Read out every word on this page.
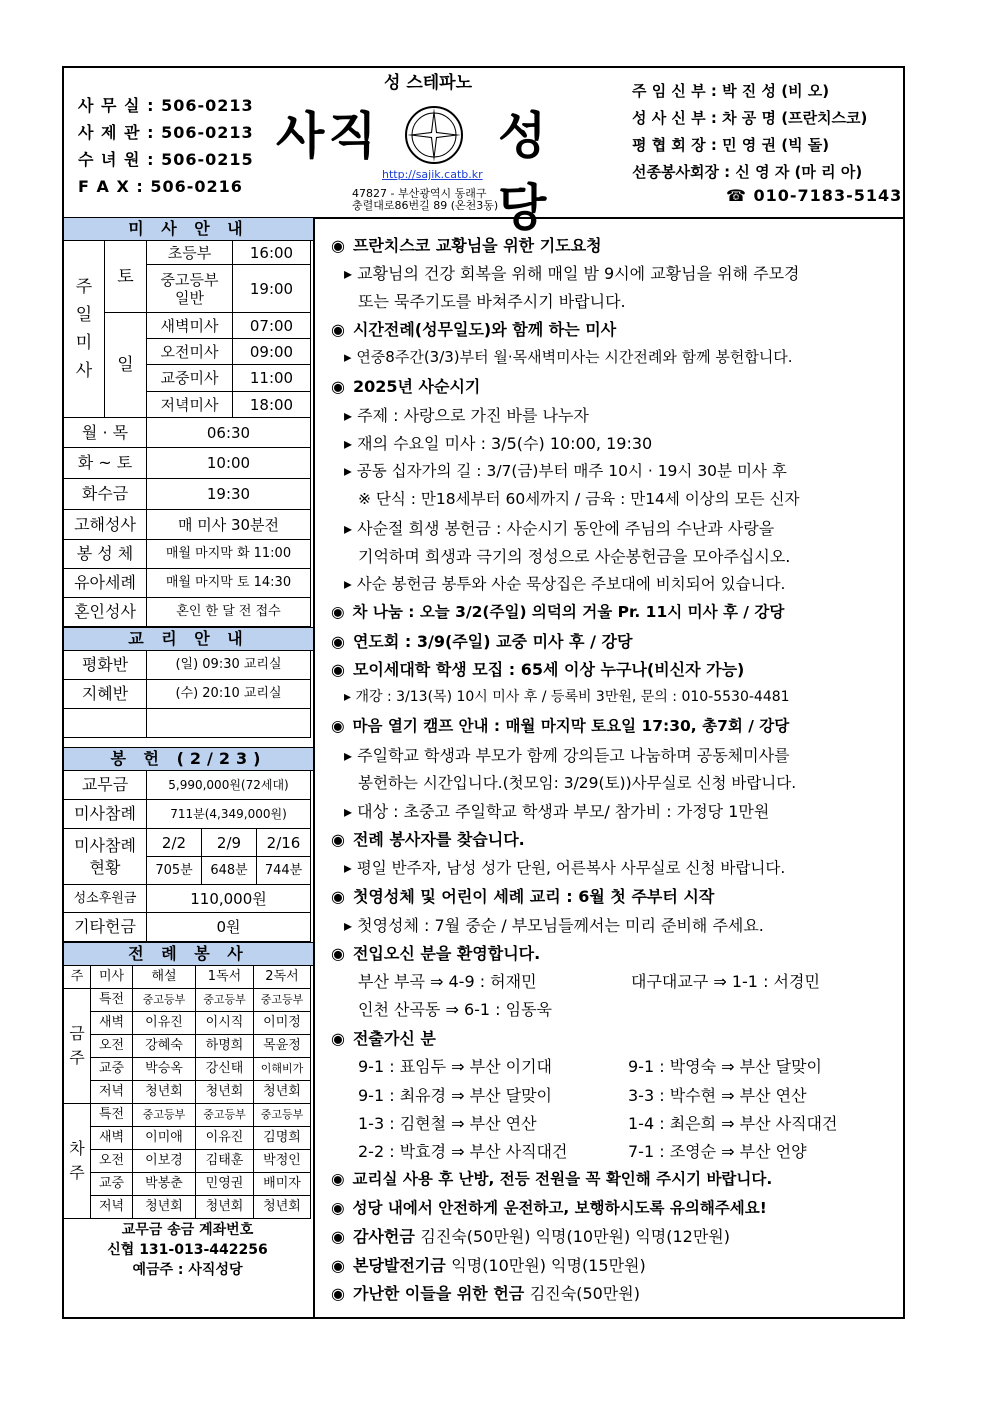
사 무 실 : 506-0213
사 제 관 : 506-0213
수 녀 원 : 506-0215
F A X : 506-0216
성 스테파노
사직 성당
http://sajik.catb.kr
47827 - 부산광역시 동래구
충렬대로86번길 89 (온천3동)
주 임 신 부 : 박 진 성 (비 오)
성 사 신 부 : 차 공 명 (프란치스코)
평 협 회 장 : 민 영 권 (빅 돌)
선종봉사회장 : 신 영 자 (마 리 아)
☎ 010-7183-5143
미 사 안 내
주
일
미
사
토
초등부	16:00
중고등부
일반	19:00
일
새벽미사	07:00
오전미사	09:00
교중미사	11:00
저녁미사	18:00
월 · 목	06:30
화 ~ 토	10:00
화수금	19:30
고해성사	매 미사 30분전
봉 성 체	매월 마지막 화 11:00
유아세례	매월 마지막 토 14:30
혼인성사	혼인 한 달 전 접수
교 리 안 내
평화반	(일) 09:30 교리실
지혜반	(수) 20:10 교리실
봉 헌 (2/23)
교무금	5,990,000원(72세대)
미사참례	711분(4,349,000원)
미사참례
현황
2/2	2/9	2/16
705분	648분	744분
성소후원금	110,000원
기타헌금	0원
전 례 봉 사
주	미사	해설	1독서	2독서
금
주
특전	중고등부	중고등부	중고등부
새벽	이유진	이시직	이미정
오전	강혜숙	하명희	목윤정
교중	박승옥	강신태	이해비가
저녁	청년회	청년회	청년회
차
주
특전	중고등부	중고등부	중고등부
새벽	이미애	이유진	김명희
오전	이보경	김태훈	박정인
교중	박봉춘	민영권	배미자
저녁	청년회	청년회	청년회
교무금 송금 계좌번호
신협 131-013-442256
예금주 : 사직성당
◉ 프란치스코 교황님을 위한 기도요청
▸ 교황님의 건강 회복을 위해 매일 밤 9시에 교황님을 위해 주모경
또는 묵주기도를 바쳐주시기 바랍니다.
◉ 시간전례(성무일도)와 함께 하는 미사
▸ 연중8주간(3/3)부터 월·목새벽미사는 시간전례와 함께 봉헌합니다.
◉ 2025년 사순시기
▸ 주제 : 사랑으로 가진 바를 나누자
▸ 재의 수요일 미사 : 3/5(수) 10:00, 19:30
▸ 공동 십자가의 길 : 3/7(금)부터 매주 10시 · 19시 30분 미사 후
※ 단식 : 만18세부터 60세까지 / 금육 : 만14세 이상의 모든 신자
▸ 사순절 희생 봉헌금 : 사순시기 동안에 주님의 수난과 사랑을
기억하며 희생과 극기의 정성으로 사순봉헌금을 모아주십시오.
▸ 사순 봉헌금 봉투와 사순 묵상집은 주보대에 비치되어 있습니다.
◉ 차 나눔 : 오늘 3/2(주일) 의덕의 거울 Pr. 11시 미사 후 / 강당
◉ 연도회 : 3/9(주일) 교중 미사 후 / 강당
◉ 모이세대학 학생 모집 : 65세 이상 누구나(비신자 가능)
▸ 개강 : 3/13(목) 10시 미사 후 / 등록비 3만원, 문의 : 010-5530-4481
◉ 마음 열기 캠프 안내 : 매월 마지막 토요일 17:30, 총7회 / 강당
▸ 주일학교 학생과 부모가 함께 강의듣고 나눔하며 공동체미사를
봉헌하는 시간입니다.(첫모임: 3/29(토))사무실로 신청 바랍니다.
▸ 대상 : 초중고 주일학교 학생과 부모/ 참가비 : 가정당 1만원
◉ 전례 봉사자를 찾습니다.
▸ 평일 반주자, 남성 성가 단원, 어른복사 사무실로 신청 바랍니다.
◉ 첫영성체 및 어린이 세례 교리 : 6월 첫 주부터 시작
▸ 첫영성체 : 7월 중순 / 부모님들께서는 미리 준비해 주세요.
◉ 전입오신 분을 환영합니다.
부산 부곡 ⇒ 4-9 : 허재민	대구대교구 ⇒ 1-1 : 서경민
인천 산곡동 ⇒ 6-1 : 임동욱
◉ 전출가신 분
9-1 : 표임두 ⇒ 부산 이기대	9-1 : 박영숙 ⇒ 부산 달맞이
9-1 : 최유경 ⇒ 부산 달맞이	3-3 : 박수현 ⇒ 부산 연산
1-3 : 김현철 ⇒ 부산 연산	1-4 : 최은희 ⇒ 부산 사직대건
2-2 : 박효경 ⇒ 부산 사직대건	7-1 : 조영순 ⇒ 부산 언양
◉ 교리실 사용 후 난방, 전등 전원을 꼭 확인해 주시기 바랍니다.
◉ 성당 내에서 안전하게 운전하고, 보행하시도록 유의해주세요!
◉ 감사헌금 김진숙(50만원) 익명(10만원) 익명(12만원)
◉ 본당발전기금 익명(10만원) 익명(15만원)
◉ 가난한 이들을 위한 헌금 김진숙(50만원)
